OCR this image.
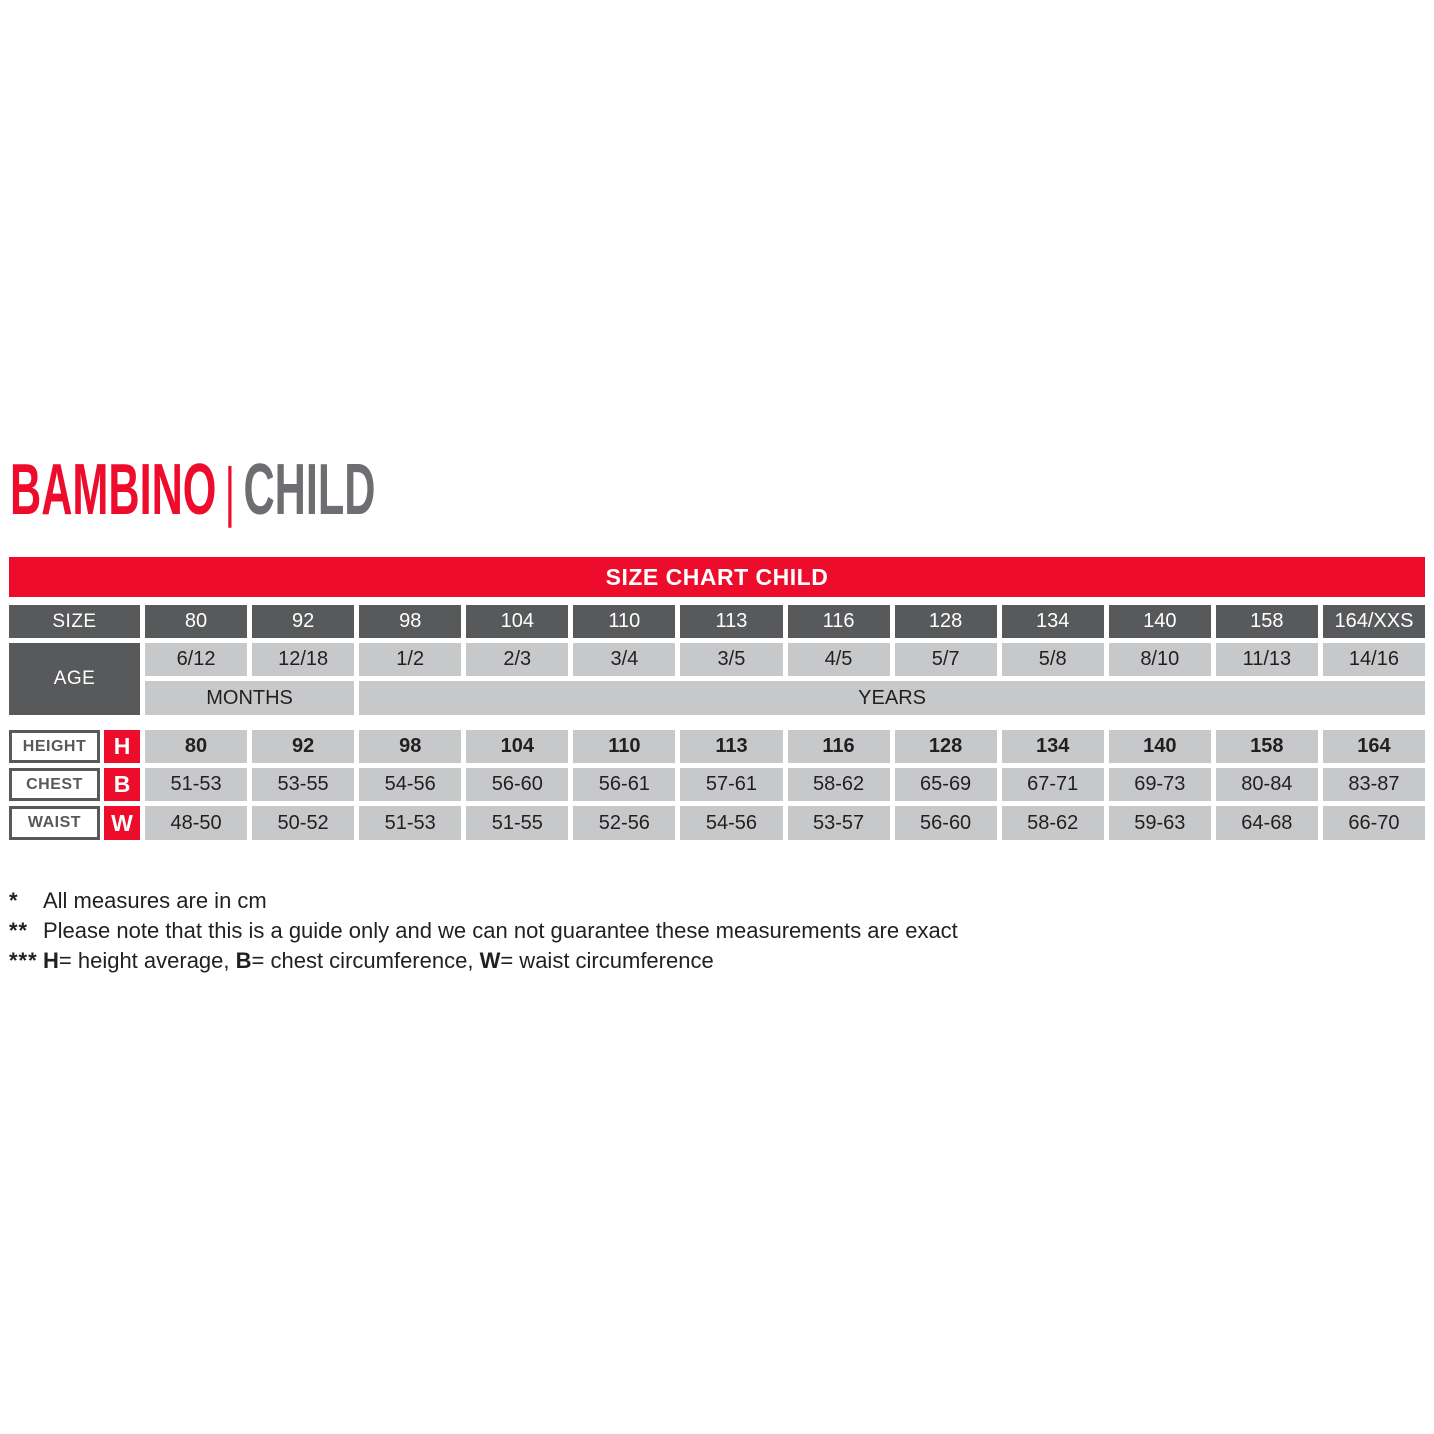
BAMBINO | CHILD
SIZE CHART CHILD
SIZE	80	92	98	104	110	113	116	128	134	140	158	164/XXS
AGE
6/12	12/18	1/2	2/3	3/4	3/5	4/5	5/7	5/8	8/10	11/13	14/16
MONTHS	YEARS
HEIGHT	H	80	92	98	104	110	113	116	128	134	140	158	164
CHEST	B	51-53	53-55	54-56	56-60	56-61	57-61	58-62	65-69	67-71	69-73	80-84	83-87
WAIST	W	48-50	50-52	51-53	51-55	52-56	54-56	53-57	56-60	58-62	59-63	64-68	66-70
*	All measures are in cm
** Please note that this is a guide only and we can not guarantee these measurements are exact
*** H= height average, B= chest circumference, W= waist circumference
